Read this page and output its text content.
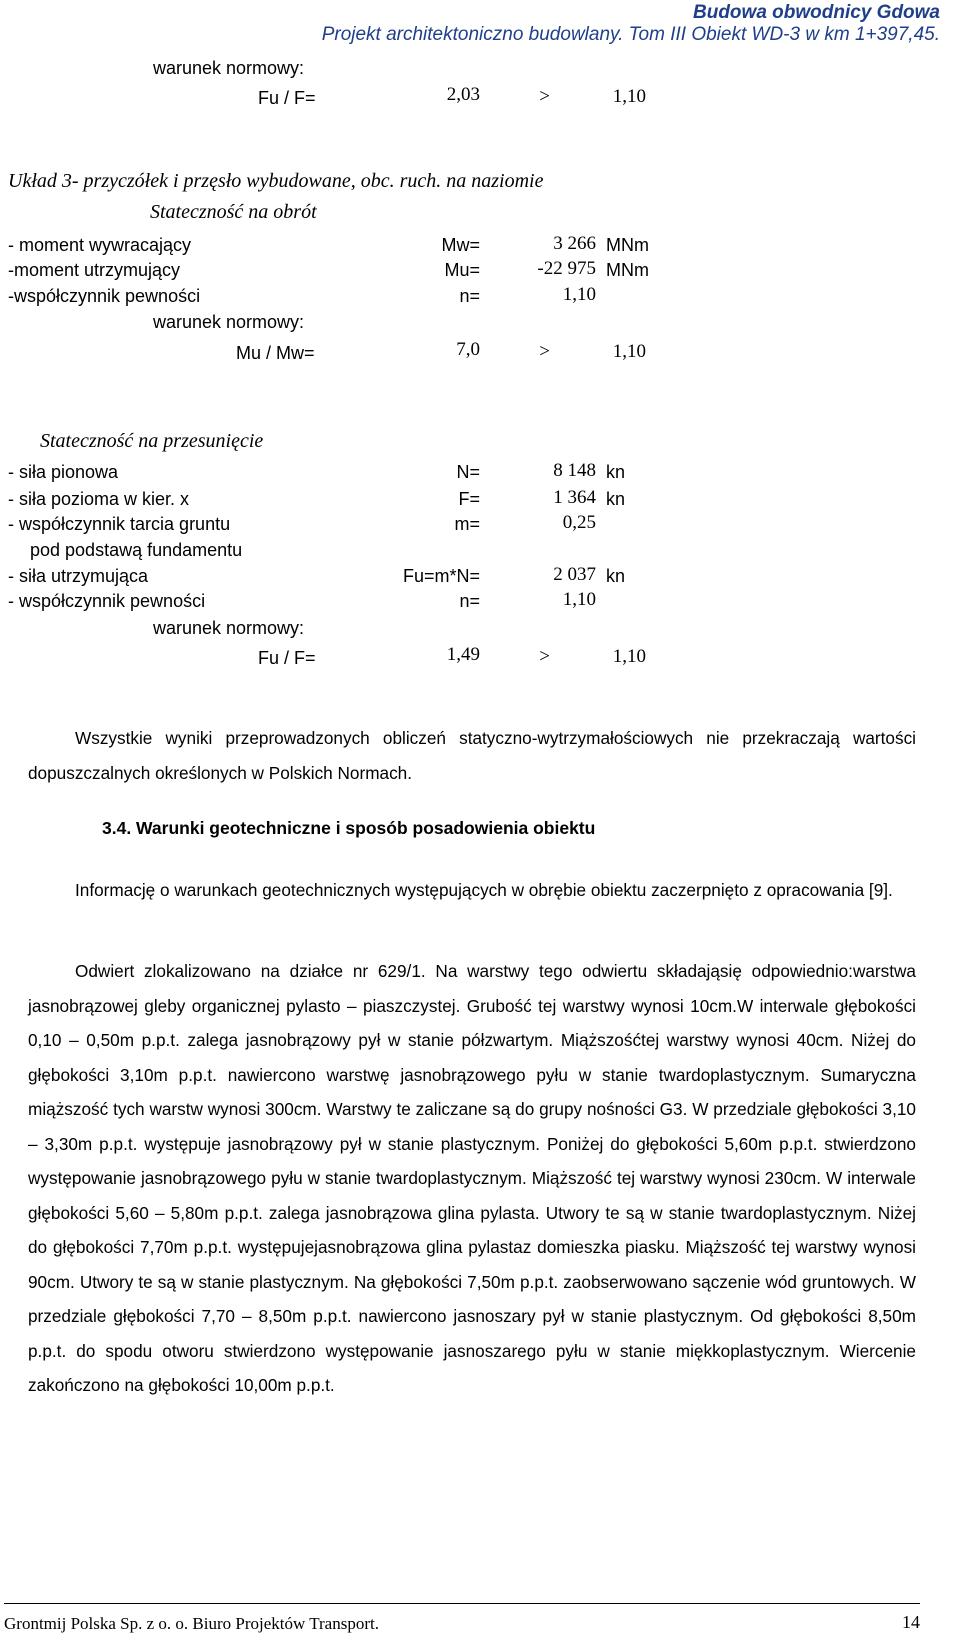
Budowa obwodnicy Gdowa
Projekt architektoniczno budowlany. Tom III Obiekt WD-3 w km 1+397,45.
warunek normowy:
Fu / F=	2,03	>	1,10
Układ 3- przyczółek i przęsło wybudowane, obc. ruch. na naziomie
Stateczność na obrót
- moment wywracający	Mw=	3 266 MNm
-moment utrzymujący	Mu=	-22 975 MNm
-współczynnik pewności	n=	1,10
warunek normowy:
Mu / Mw=	7,0	>	1,10
Stateczność na przesunięcie
- siła pionowa	N=	8 148 kn
- siła pozioma w kier. x	F=	1 364 kn
- współczynnik tarcia gruntu	m=	0,25
pod podstawą fundamentu
- siła utrzymująca	Fu=m*N=	2 037 kn
- współczynnik pewności	n=	1,10
warunek normowy:
Fu / F=	1,49	>	1,10

Wszystkie wyniki przeprowadzonych obliczeń statyczno-wytrzymałościowych nie przekraczają wartości dopuszczalnych określonych w Polskich Normach.

3.4. Warunki geotechniczne i sposób posadowienia obiektu

Informację o warunkach geotechnicznych występujących w obrębie obiektu zaczerpnięto z opracowania [9].

Odwiert zlokalizowano na działce nr 629/1. Na warstwy tego odwiertu składająsię odpowiednio:warstwa jasnobrązowej gleby organicznej pylasto – piaszczystej. Grubość tej warstwy wynosi 10cm.W interwale głębokości 0,10 – 0,50m p.p.t. zalega jasnobrązowy pył w stanie półzwartym. Miąższośćtej warstwy wynosi 40cm. Niżej do głębokości 3,10m p.p.t. nawiercono warstwę jasnobrązowego pyłu w stanie twardoplastycznym. Sumaryczna miąższość tych warstw wynosi 300cm. Warstwy te zaliczane są do grupy nośności G3. W przedziale głębokości 3,10 – 3,30m p.p.t. występuje jasnobrązowy pył w stanie plastycznym. Poniżej do głębokości 5,60m p.p.t. stwierdzono występowanie jasnobrązowego pyłu w stanie twardoplastycznym. Miąższość tej warstwy wynosi 230cm. W interwale głębokości 5,60 – 5,80m p.p.t. zalega jasnobrązowa glina pylasta. Utwory te są w stanie twardoplastycznym. Niżej do głębokości 7,70m p.p.t. występujejasnobrązowa glina pylastaz domieszka piasku. Miąższość tej warstwy wynosi 90cm. Utwory te są w stanie plastycznym. Na głębokości 7,50m p.p.t. zaobserwowano sączenie wód gruntowych. W przedziale głębokości 7,70 – 8,50m p.p.t. nawiercono jasnoszary pył w stanie plastycznym. Od głębokości 8,50m p.p.t. do spodu otworu stwierdzono występowanie jasnoszarego pyłu w stanie miękkoplastycznym. Wiercenie zakończono na głębokości 10,00m p.p.t.

Grontmij Polska Sp. z o. o. Biuro Projektów Transport.	14
